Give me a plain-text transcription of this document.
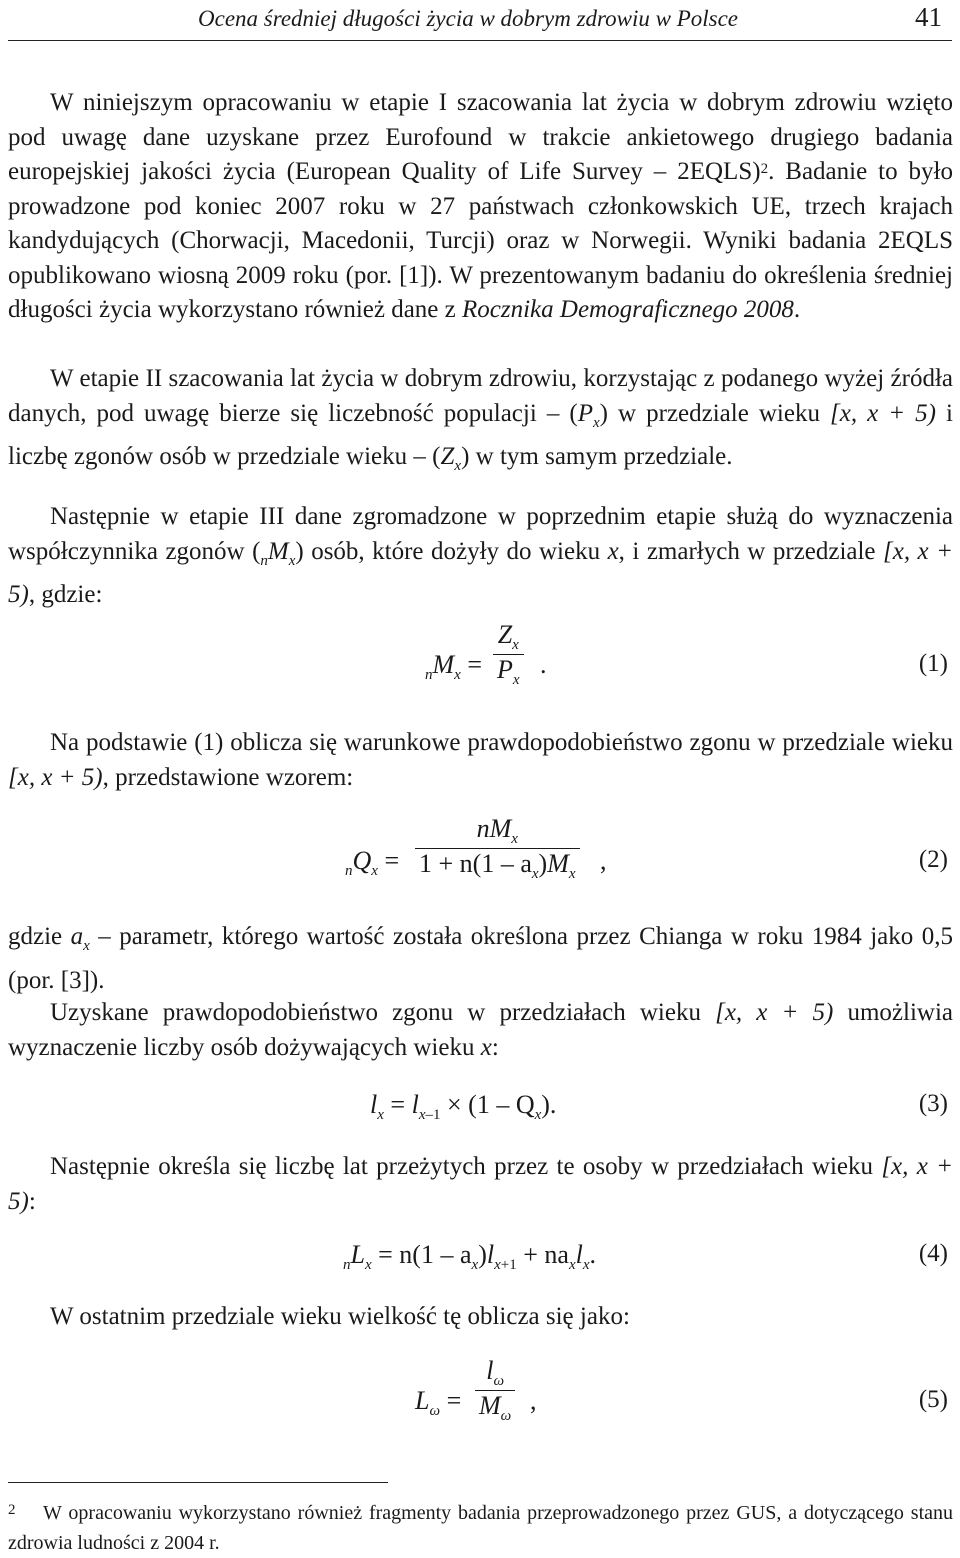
Ocena średniej długości życia w dobrym zdrowiu w Polsce	41

W niniejszym opracowaniu w etapie I szacowania lat życia w dobrym zdrowiu wzięto pod uwagę dane uzyskane przez Eurofound w trakcie ankietowego drugiego badania europejskiej jakości życia (European Quality of Life Survey – 2EQLS)$^2$. Badanie to było prowadzone pod koniec 2007 roku w 27 państwach członkowskich UE, trzech krajach kandydujących (Chorwacji, Macedonii, Turcji) oraz w Norwegii. Wyniki badania 2EQLS opublikowano wiosną 2009 roku (por. [1]). W prezentowanym badaniu do określenia średniej długości życia wykorzystano również dane z Rocznika Demograficznego 2008.

W etapie II szacowania lat życia w dobrym zdrowiu, korzystając z podanego wyżej źródła danych, pod uwagę bierze się liczebność populacji – $(P_x)$ w przedziale wieku [x, x + 5) i liczbę zgonów osób w przedziale wieku – $(Z_x)$ w tym samym przedziale.

Następnie w etapie III dane zgromadzone w poprzednim etapie służą do wyznaczenia współczynnika zgonów $(_nM_x)$ osób, które dożyły do wieku x, i zmarłych w przedziale [x, x + 5), gdzie:

$_nM_x = \frac{Z_x}{P_x}$ .	(1)

Na podstawie (1) oblicza się warunkowe prawdopodobieństwo zgonu w przedziale wieku [x, x + 5), przedstawione wzorem:

$_nQ_x$ =
$nM_x$
$1 + n(1 - a_x)M_x$ ,	(2)

gdzie $a_x$ – parametr, którego wartość została określona przez Chianga w roku 1984 jako 0,5 (por. [3]).

Uzyskane prawdopodobieństwo zgonu w przedziałach wieku [x, x + 5) umożliwia wyznaczenie liczby osób dożywających wieku x:

$l_x = l_{x-1} \times (1 - Q_x)$.	(3)

Następnie określa się liczbę lat przeżytych przez te osoby w przedziałach wieku [x, x + 5):

$_nL_x = n(1 - a_x)l_{x+1} + na_xl_x$.	(4)

W ostatnim przedziale wieku wielkość tę oblicza się jako:

$L_\omega = \frac{l_\omega}{M_\omega}$ ,	(5)
$^2$ W opracowaniu wykorzystano również fragmenty badania przeprowadzonego przez GUS, a dotyczącego stanu zdrowia ludności z 2004 r.
